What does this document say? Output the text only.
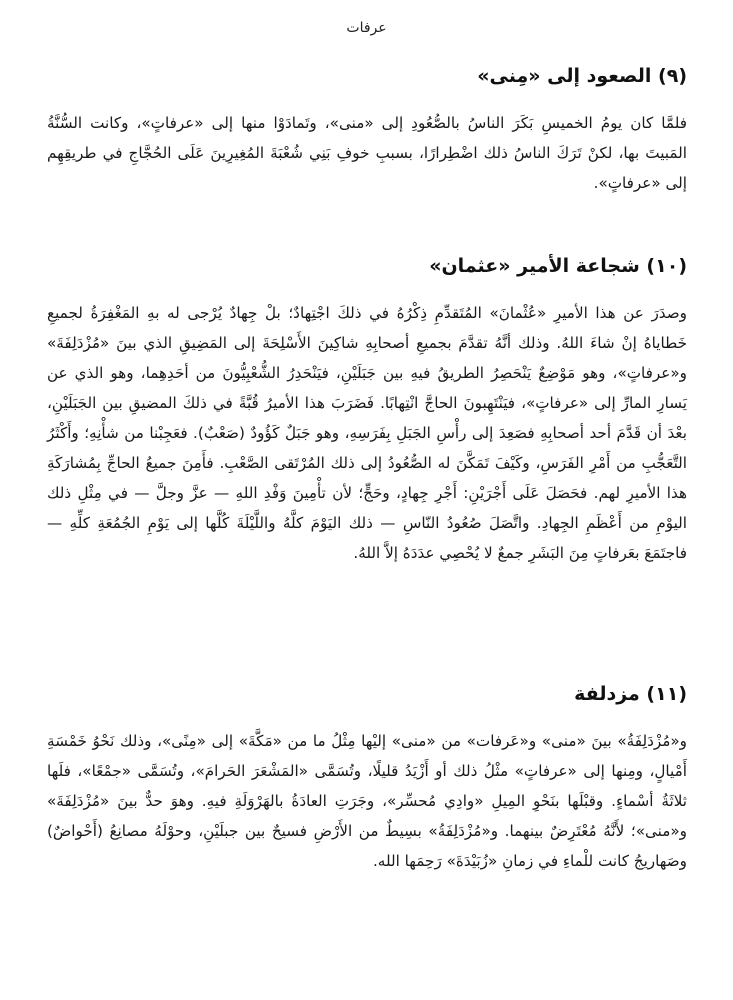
عرفات
(٩) الصعود إلى «مِنى»

فلمَّا كان يومُ الخميسِ بَكَرَ الناسُ بالصُّعُودِ إلى «منى»، وتَمادَوْا منها إلى «عرفاتٍ»، وكانت السُّنَّةُ المَبيتَ بها، لكنْ تَرَكَ الناسُ ذلك اضْطِرارًا، بسببِ خوفِ بَنِي شُعْبَةَ المُغِيرِينَ عَلَى الحُجَّاجِ في طريقِهِم إلى «عرفاتٍ».

(١٠) شجاعة الأمير «عثمان»

وصدَرَ عن هذا الأميرِ «عُثْمانَ» المُتَقدِّمِ ذِكْرُهُ في ذلكَ اجْتِهادٌ؛ بلْ جِهادٌ يُرْجى له بهِ المَغْفِرَةُ لجميعِ خَطاياهُ إنْ شاءَ اللهُ. وذلك أنَّهُ تقدَّمَ بجميعِ أصحابِهِ شاكِينَ الأَسْلِحَةَ إلى المَضِيقِ الذي بينَ «مُزْدَلِفَةَ» و«عرفاتٍ»، وهو مَوْضِعٌ يَنْحَصِرُ الطريقُ فيهِ بين جَبَلَيْنِ، فيَنْحَدِرُ الشُّعْبِيُّونَ من أحَدِهِما، وهو الذي عن يَسارِ المارِّ إلى «عرفاتٍ»، فيَنْتَهِبونَ الحاجَّ انْتِهابًا. فَضَرَبَ هذا الأميرُ قُبَّةً في ذلكَ المضيقِ بين الجَبَلَيْنِ، بعْدَ أن قَدَّمَ أحد أصحابِهِ فصَعِدَ إلى رأْسِ الجَبَلِ بِفَرَسِهِ، وهو جَبَلٌ كَؤُودٌ (صَعْبٌ). فعَجِبْنا من شأْنِهِ؛ وأَكْثَرُ التَّعَجُّبِ من أَمْرِ الفَرَسِ، وكَيْفَ تَمَكَّنَ له الصُّعُودُ إلى ذلك المُرْتَقى الصَّعْبِ. فأَمِنَ جميعُ الحاجِّ بِمُشارَكَةِ هذا الأميرِ لهم. فحَصَلَ عَلَى أَجْرَيْنِ: أَجْرِ جِهادٍ، وحَجٍّ؛ لأن تأْمِينَ وَفْدِ اللهِ — عزَّ وجلَّ — في مِثْلِ ذلك اليوْمِ من أَعْظَمِ الجِهادِ. واتَّصَلَ صُعُودُ النّاسِ — ذلك اليَوْمَ كلَّهُ واللَّيْلَةَ كُلَّها إلى يَوْمِ الجُمُعَةِ كلِّهِ — فاجتَمَعَ بعَرفاتٍ مِنَ البَشَرِ جمعٌ لا يُحْصِي عدَدَهُ إلاَّ اللهُ.

(١١) مزدلفة

و«مُزْدَلِفَةُ» بينَ «منى» و«عَرفات» من «منى» إليْها مِثْلُ ما من «مَكَّةَ» إلى «مِنًى»، وذلك نَحْوُ خَمْسَةِ أَمْيالٍ، ومِنها إلى «عرفاتٍ» مثْلُ ذلك أو أَزْيَدُ قليلًا، وتُسَمَّى «المَشْعَرَ الحَرامَ»، وتُسَمَّى «جمْعًا»، فلَها ثلاثَةُ أسْماءٍ. وقبْلَها بنَحْوِ المِيلِ «وادِي مُحسِّر»، وجَرَتِ العادَةُ بالهَرْوَلَةِ فيهِ. وهوَ حدٌّ بينَ «مُزْدَلِفَةَ» و«منى»؛ لأَنَّهُ مُعْتَرِضٌ بينهما. و«مُزْدَلِفَةُ» بسِيطٌ من الأَرْضِ فسيحٌ بين جبلَيْنِ، وحوْلَهُ مصانِعُ (أَحْواضٌ) وصَهاريجُ كانت للْماءِ في زمانِ «زُبَيْدَةَ» رَحِمَها الله.
